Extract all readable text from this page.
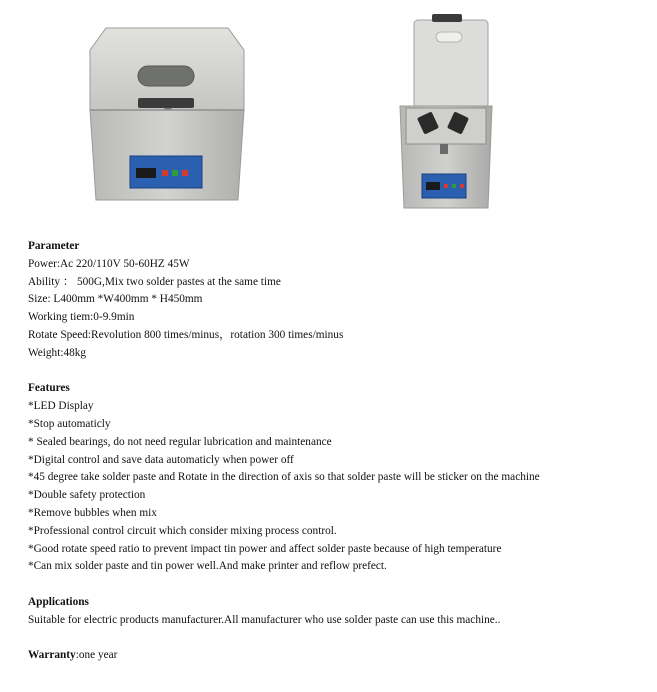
Parameter
Power:Ac 220/110V 50-60HZ 45W
Ability ： 500G,Mix two solder pastes at the same time
Size: L400mm *W400mm * H450mm
Working tiem:0-9.9min
Rotate Speed:Revolution 800 times/minus，rotation 300 times/minus
Weight:48kg
Features
*LED Display
*Stop automaticly
* Sealed bearings, do not need regular lubrication and maintenance
*Digital control and save data automaticly when power off
*45 degree take solder paste and Rotate in the direction of axis so that solder paste will be sticker on the machine
*Double safety protection
*Remove bubbles when mix
*Professional control circuit which consider mixing process control.
*Good rotate speed ratio to prevent impact tin power and affect solder paste because of high temperature
*Can mix solder paste and tin power well.And make printer and reflow prefect.
Applications
Suitable for electric products manufacturer.All manufacturer who use solder paste can use this machine..
Warranty:one year
